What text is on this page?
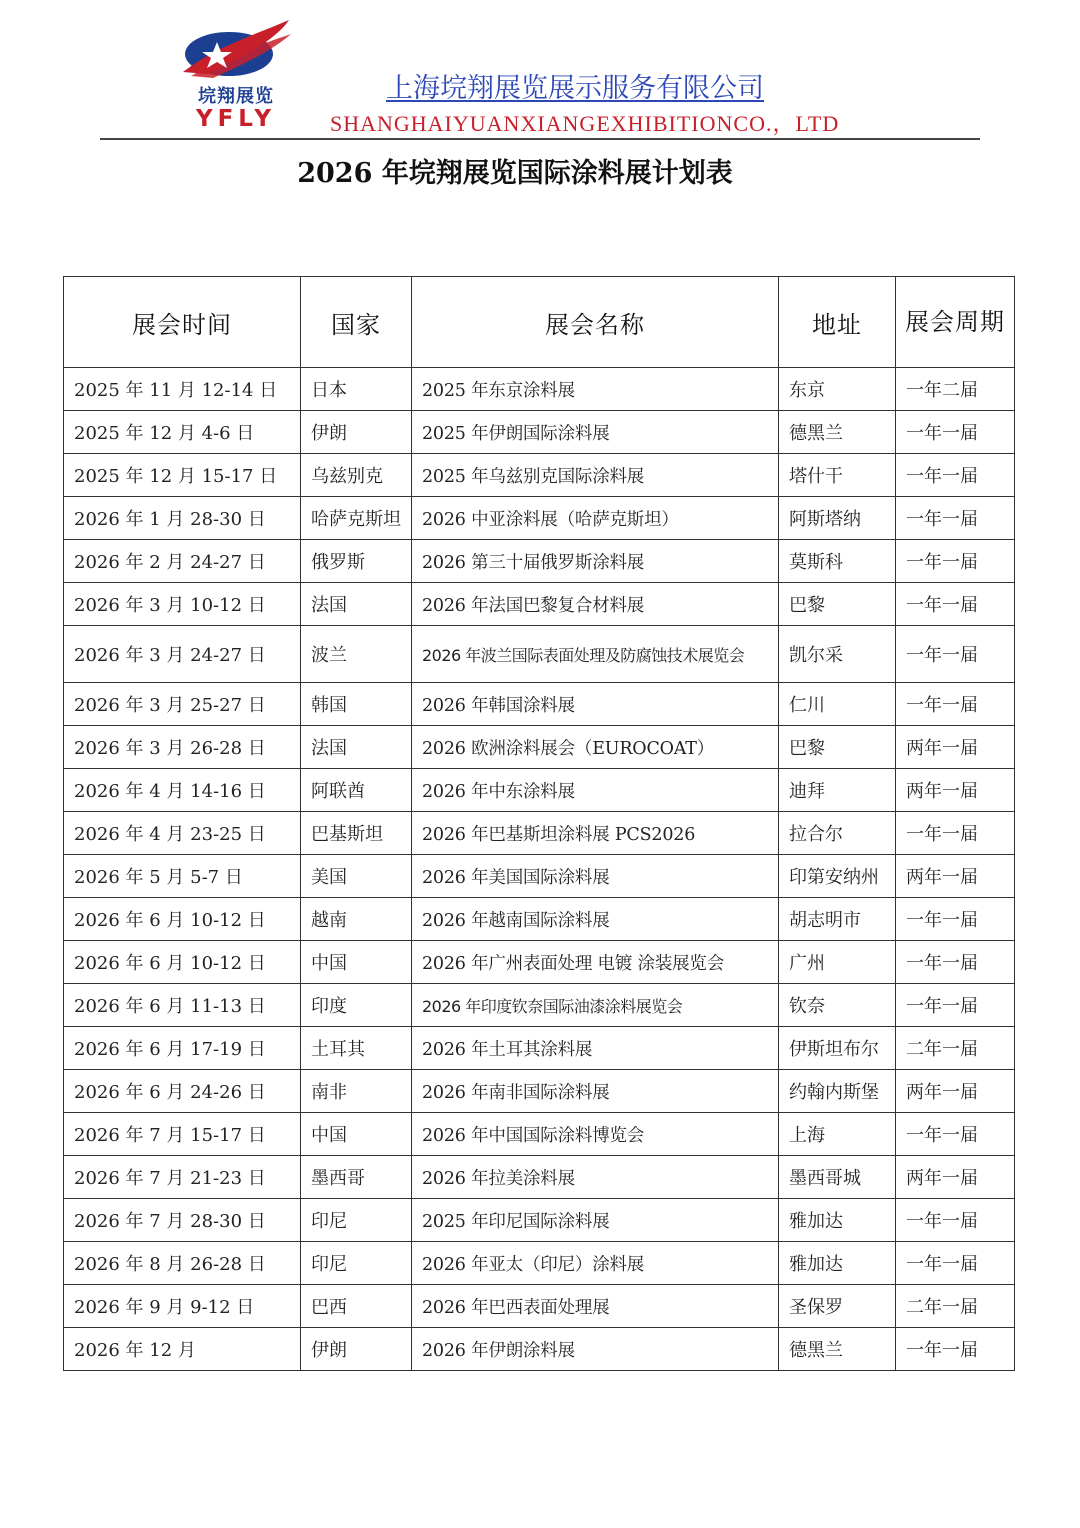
垸翔展览
YFLY
上海垸翔展览展示服务有限公司
SHANGHAIYUANXIANGEXHIBITIONCO.，LTD
2026 年垸翔展览国际涂料展计划表
展会时间	国家	展会名称	地址	展会周期
2025 年 11 月 12-14 日	日本	2025 年东京涂料展	东京	一年二届
2025 年 12 月 4-6 日	伊朗	2025 年伊朗国际涂料展	德黑兰	一年一届
2025 年 12 月 15-17 日	乌兹别克	2025 年乌兹别克国际涂料展	塔什干	一年一届
2026 年 1 月 28-30 日	哈萨克斯坦	2026 中亚涂料展（哈萨克斯坦）	阿斯塔纳	一年一届
2026 年 2 月 24-27 日	俄罗斯	2026 第三十届俄罗斯涂料展	莫斯科	一年一届
2026 年 3 月 10-12 日	法国	2026 年法国巴黎复合材料展	巴黎	一年一届
2026 年 3 月 24-27 日	波兰	2026 年波兰国际表面处理及防腐蚀技术展览会	凯尔采	一年一届
2026 年 3 月 25-27 日	韩国	2026 年韩国涂料展	仁川	一年一届
2026 年 3 月 26-28 日	法国	2026 欧洲涂料展会（EUROCOAT）	巴黎	两年一届
2026 年 4 月 14-16 日	阿联酋	2026 年中东涂料展	迪拜	两年一届
2026 年 4 月 23-25 日	巴基斯坦	2026 年巴基斯坦涂料展 PCS2026	拉合尔	一年一届
2026 年 5 月 5-7 日	美国	2026 年美国国际涂料展	印第安纳州	两年一届
2026 年 6 月 10-12 日	越南	2026 年越南国际涂料展	胡志明市	一年一届
2026 年 6 月 10-12 日	中国	2026 年广州表面处理 电镀 涂装展览会	广州	一年一届
2026 年 6 月 11-13 日	印度	2026 年印度钦奈国际油漆涂料展览会	钦奈	一年一届
2026 年 6 月 17-19 日	土耳其	2026 年土耳其涂料展	伊斯坦布尔	二年一届
2026 年 6 月 24-26 日	南非	2026 年南非国际涂料展	约翰内斯堡	两年一届
2026 年 7 月 15-17 日	中国	2026 年中国国际涂料博览会	上海	一年一届
2026 年 7 月 21-23 日	墨西哥	2026 年拉美涂料展	墨西哥城	两年一届
2026 年 7 月 28-30 日	印尼	2025 年印尼国际涂料展	雅加达	一年一届
2026 年 8 月 26-28 日	印尼	2026 年亚太（印尼）涂料展	雅加达	一年一届
2026 年 9 月 9-12 日	巴西	2026 年巴西表面处理展	圣保罗	二年一届
2026 年 12 月	伊朗	2026 年伊朗涂料展	德黑兰	一年一届
